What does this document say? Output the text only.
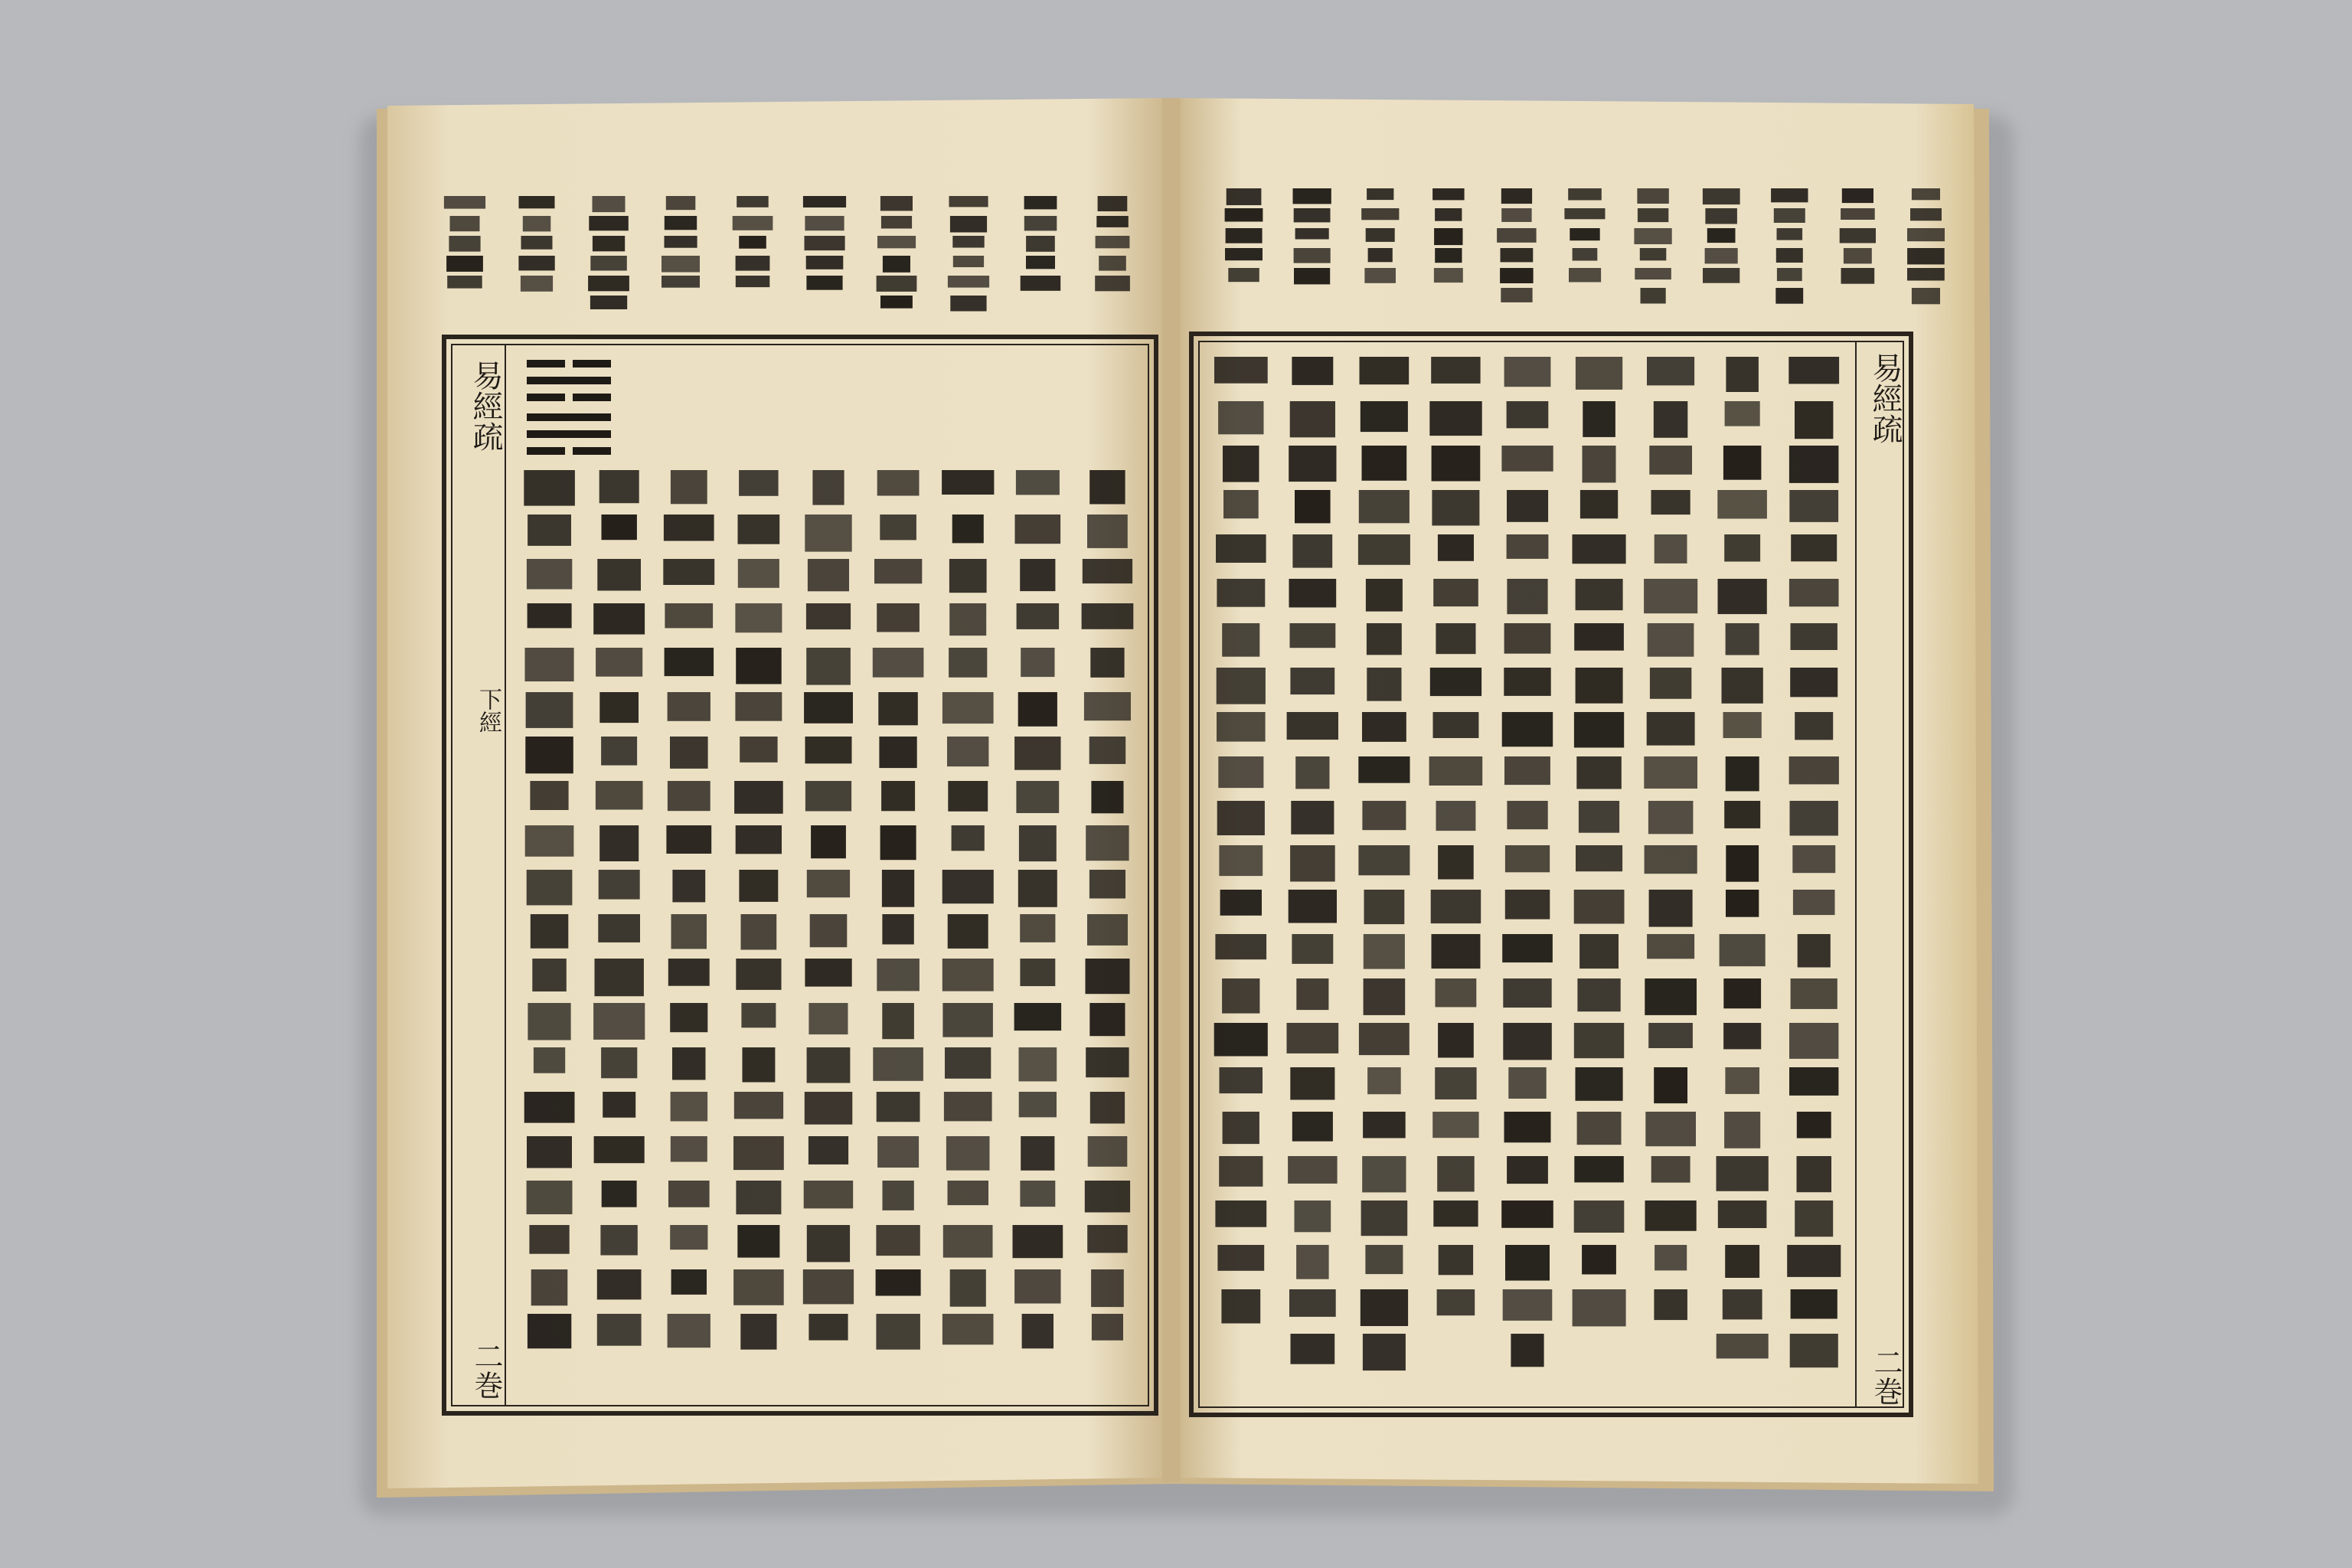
易經疏
二巻
易經疏
下經
二巻
